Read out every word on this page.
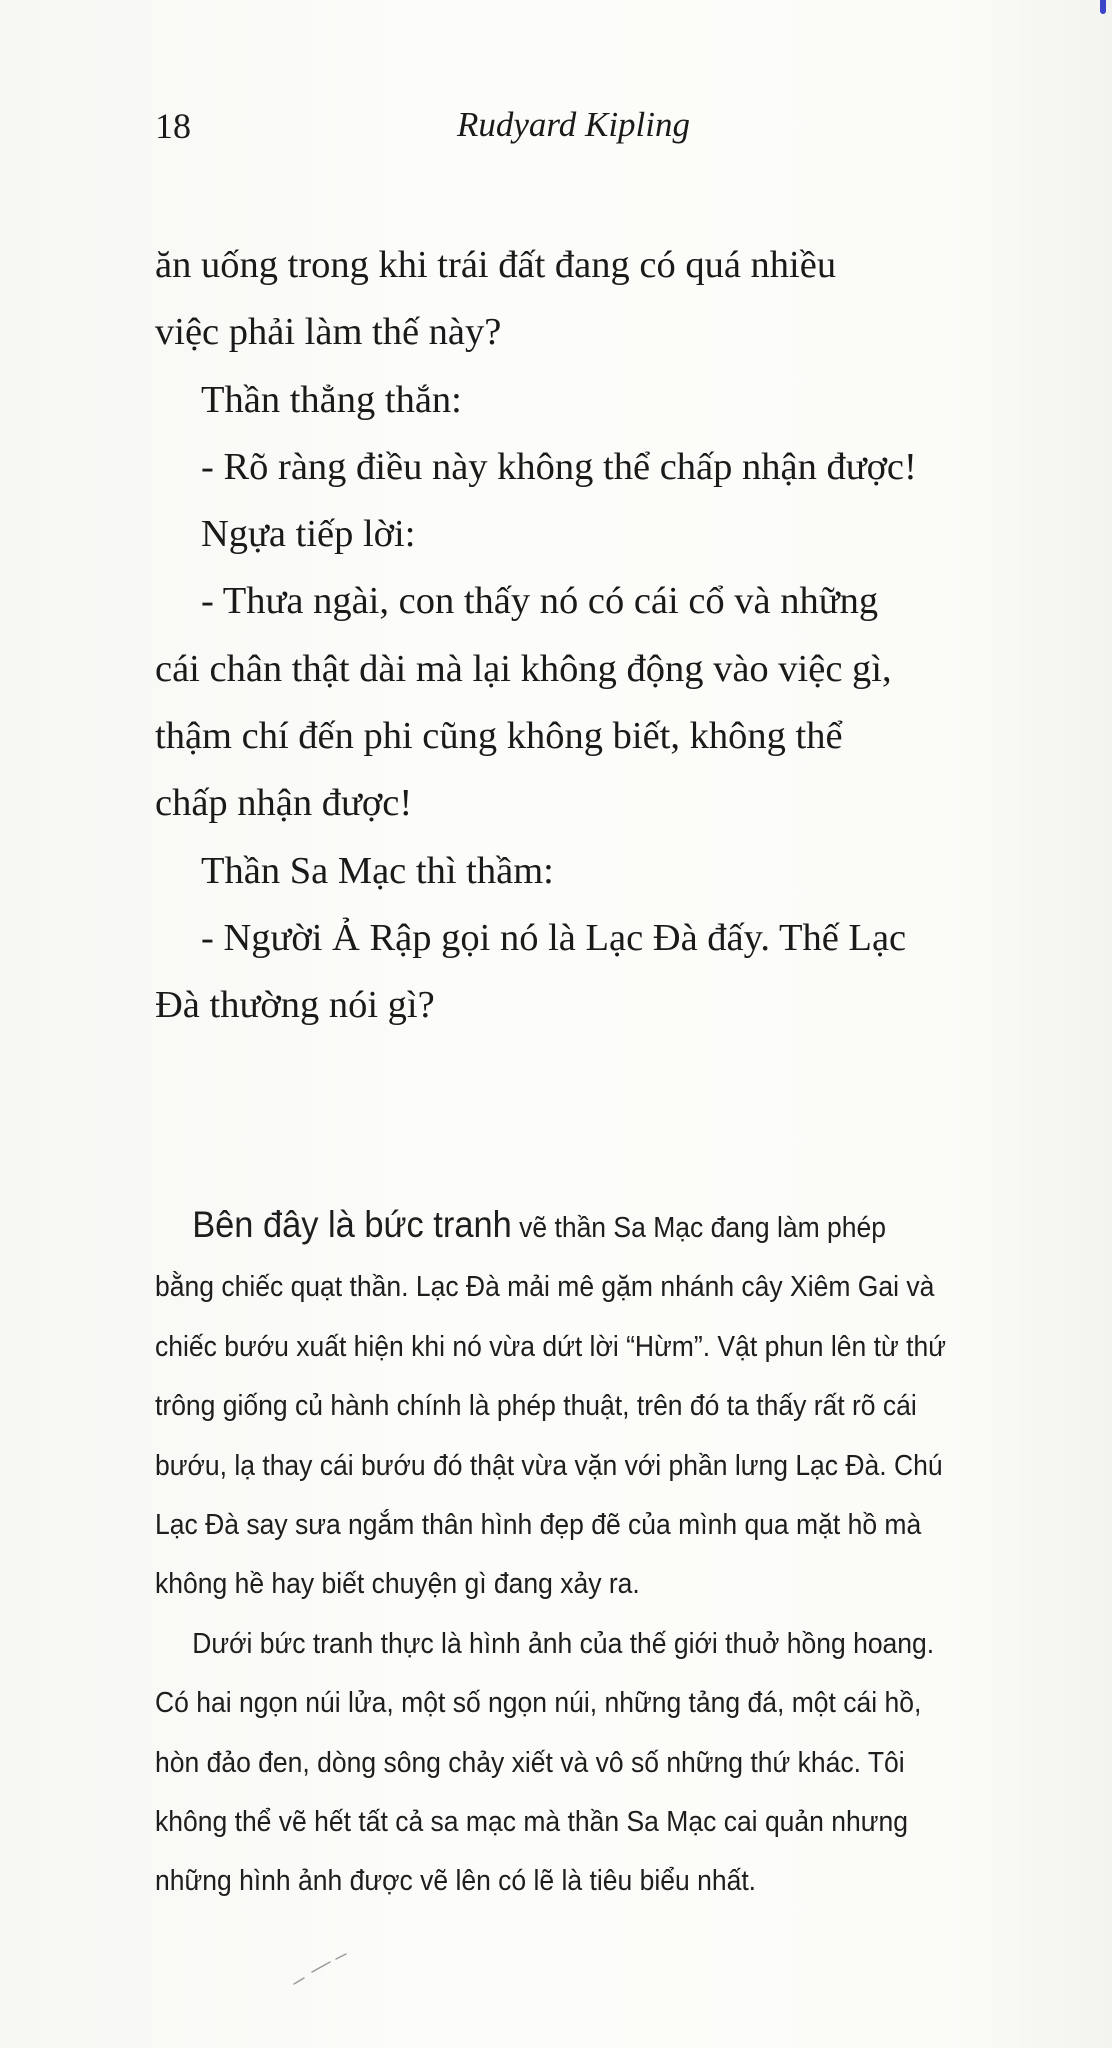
18	Rudyard Kipling

ăn uống trong khi trái đất đang có quá nhiều

việc phải làm thế này?

Thần thẳng thắn:

- Rõ ràng điều này không thể chấp nhận được!

Ngựa tiếp lời:

- Thưa ngài, con thấy nó có cái cổ và những

cái chân thật dài mà lại không động vào việc gì,

thậm chí đến phi cũng không biết, không thể

chấp nhận được!

Thần Sa Mạc thì thầm:

- Người Ả Rập gọi nó là Lạc Đà đấy. Thế Lạc

Đà thường nói gì?

Bên đây là bức tranh vẽ thần Sa Mạc đang làm phép

bằng chiếc quạt thần. Lạc Đà mải mê gặm nhánh cây Xiêm Gai và

chiếc bướu xuất hiện khi nó vừa dứt lời “Hừm”. Vật phun lên từ thứ

trông giống củ hành chính là phép thuật, trên đó ta thấy rất rõ cái

bướu, lạ thay cái bướu đó thật vừa vặn với phần lưng Lạc Đà. Chú

Lạc Đà say sưa ngắm thân hình đẹp đẽ của mình qua mặt hồ mà

không hề hay biết chuyện gì đang xảy ra.

Dưới bức tranh thực là hình ảnh của thế giới thuở hồng hoang.

Có hai ngọn núi lửa, một số ngọn núi, những tảng đá, một cái hồ,

hòn đảo đen, dòng sông chảy xiết và vô số những thứ khác. Tôi

không thể vẽ hết tất cả sa mạc mà thần Sa Mạc cai quản nhưng

những hình ảnh được vẽ lên có lẽ là tiêu biểu nhất.
